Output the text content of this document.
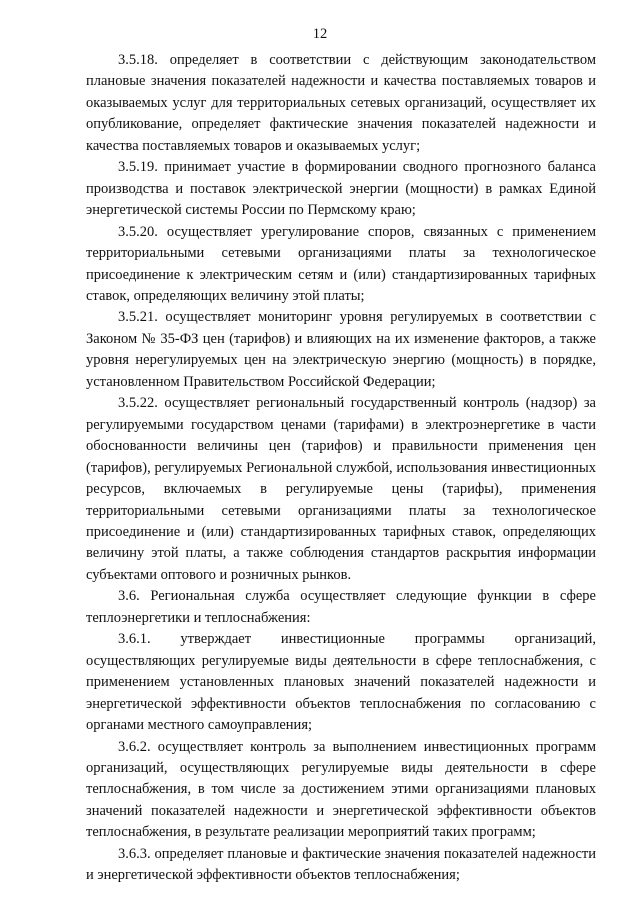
12

3.5.18. определяет в соответствии с действующим законодательством плановые значения показателей надежности и качества поставляемых товаров и оказываемых услуг для территориальных сетевых организаций, осуществляет их опубликование, определяет фактические значения показателей надежности и качества поставляемых товаров и оказываемых услуг;

3.5.19. принимает участие в формировании сводного прогнозного баланса производства и поставок электрической энергии (мощности) в рамках Единой энергетической системы России по Пермскому краю;

3.5.20. осуществляет урегулирование споров, связанных с применением территориальными сетевыми организациями платы за технологическое присоединение к электрическим сетям и (или) стандартизированных тарифных ставок, определяющих величину этой платы;

3.5.21. осуществляет мониторинг уровня регулируемых в соответствии с Законом № 35-ФЗ цен (тарифов) и влияющих на их изменение факторов, а также уровня нерегулируемых цен на электрическую энергию (мощность) в порядке, установленном Правительством Российской Федерации;

3.5.22. осуществляет региональный государственный контроль (надзор) за регулируемыми государством ценами (тарифами) в электроэнергетике в части обоснованности величины цен (тарифов) и правильности применения цен (тарифов), регулируемых Региональной службой, использования инвестиционных ресурсов, включаемых в регулируемые цены (тарифы), применения территориальными сетевыми организациями платы за технологическое присоединение и (или) стандартизированных тарифных ставок, определяющих величину этой платы, а также соблюдения стандартов раскрытия информации субъектами оптового и розничных рынков.

3.6. Региональная служба осуществляет следующие функции в сфере теплоэнергетики и теплоснабжения:

3.6.1. утверждает инвестиционные программы организаций, осуществляющих регулируемые виды деятельности в сфере теплоснабжения, с применением установленных плановых значений показателей надежности и энергетической эффективности объектов теплоснабжения по согласованию с органами местного самоуправления;

3.6.2. осуществляет контроль за выполнением инвестиционных программ организаций, осуществляющих регулируемые виды деятельности в сфере теплоснабжения, в том числе за достижением этими организациями плановых значений показателей надежности и энергетической эффективности объектов теплоснабжения, в результате реализации мероприятий таких программ;

3.6.3. определяет плановые и фактические значения показателей надежности и энергетической эффективности объектов теплоснабжения;
